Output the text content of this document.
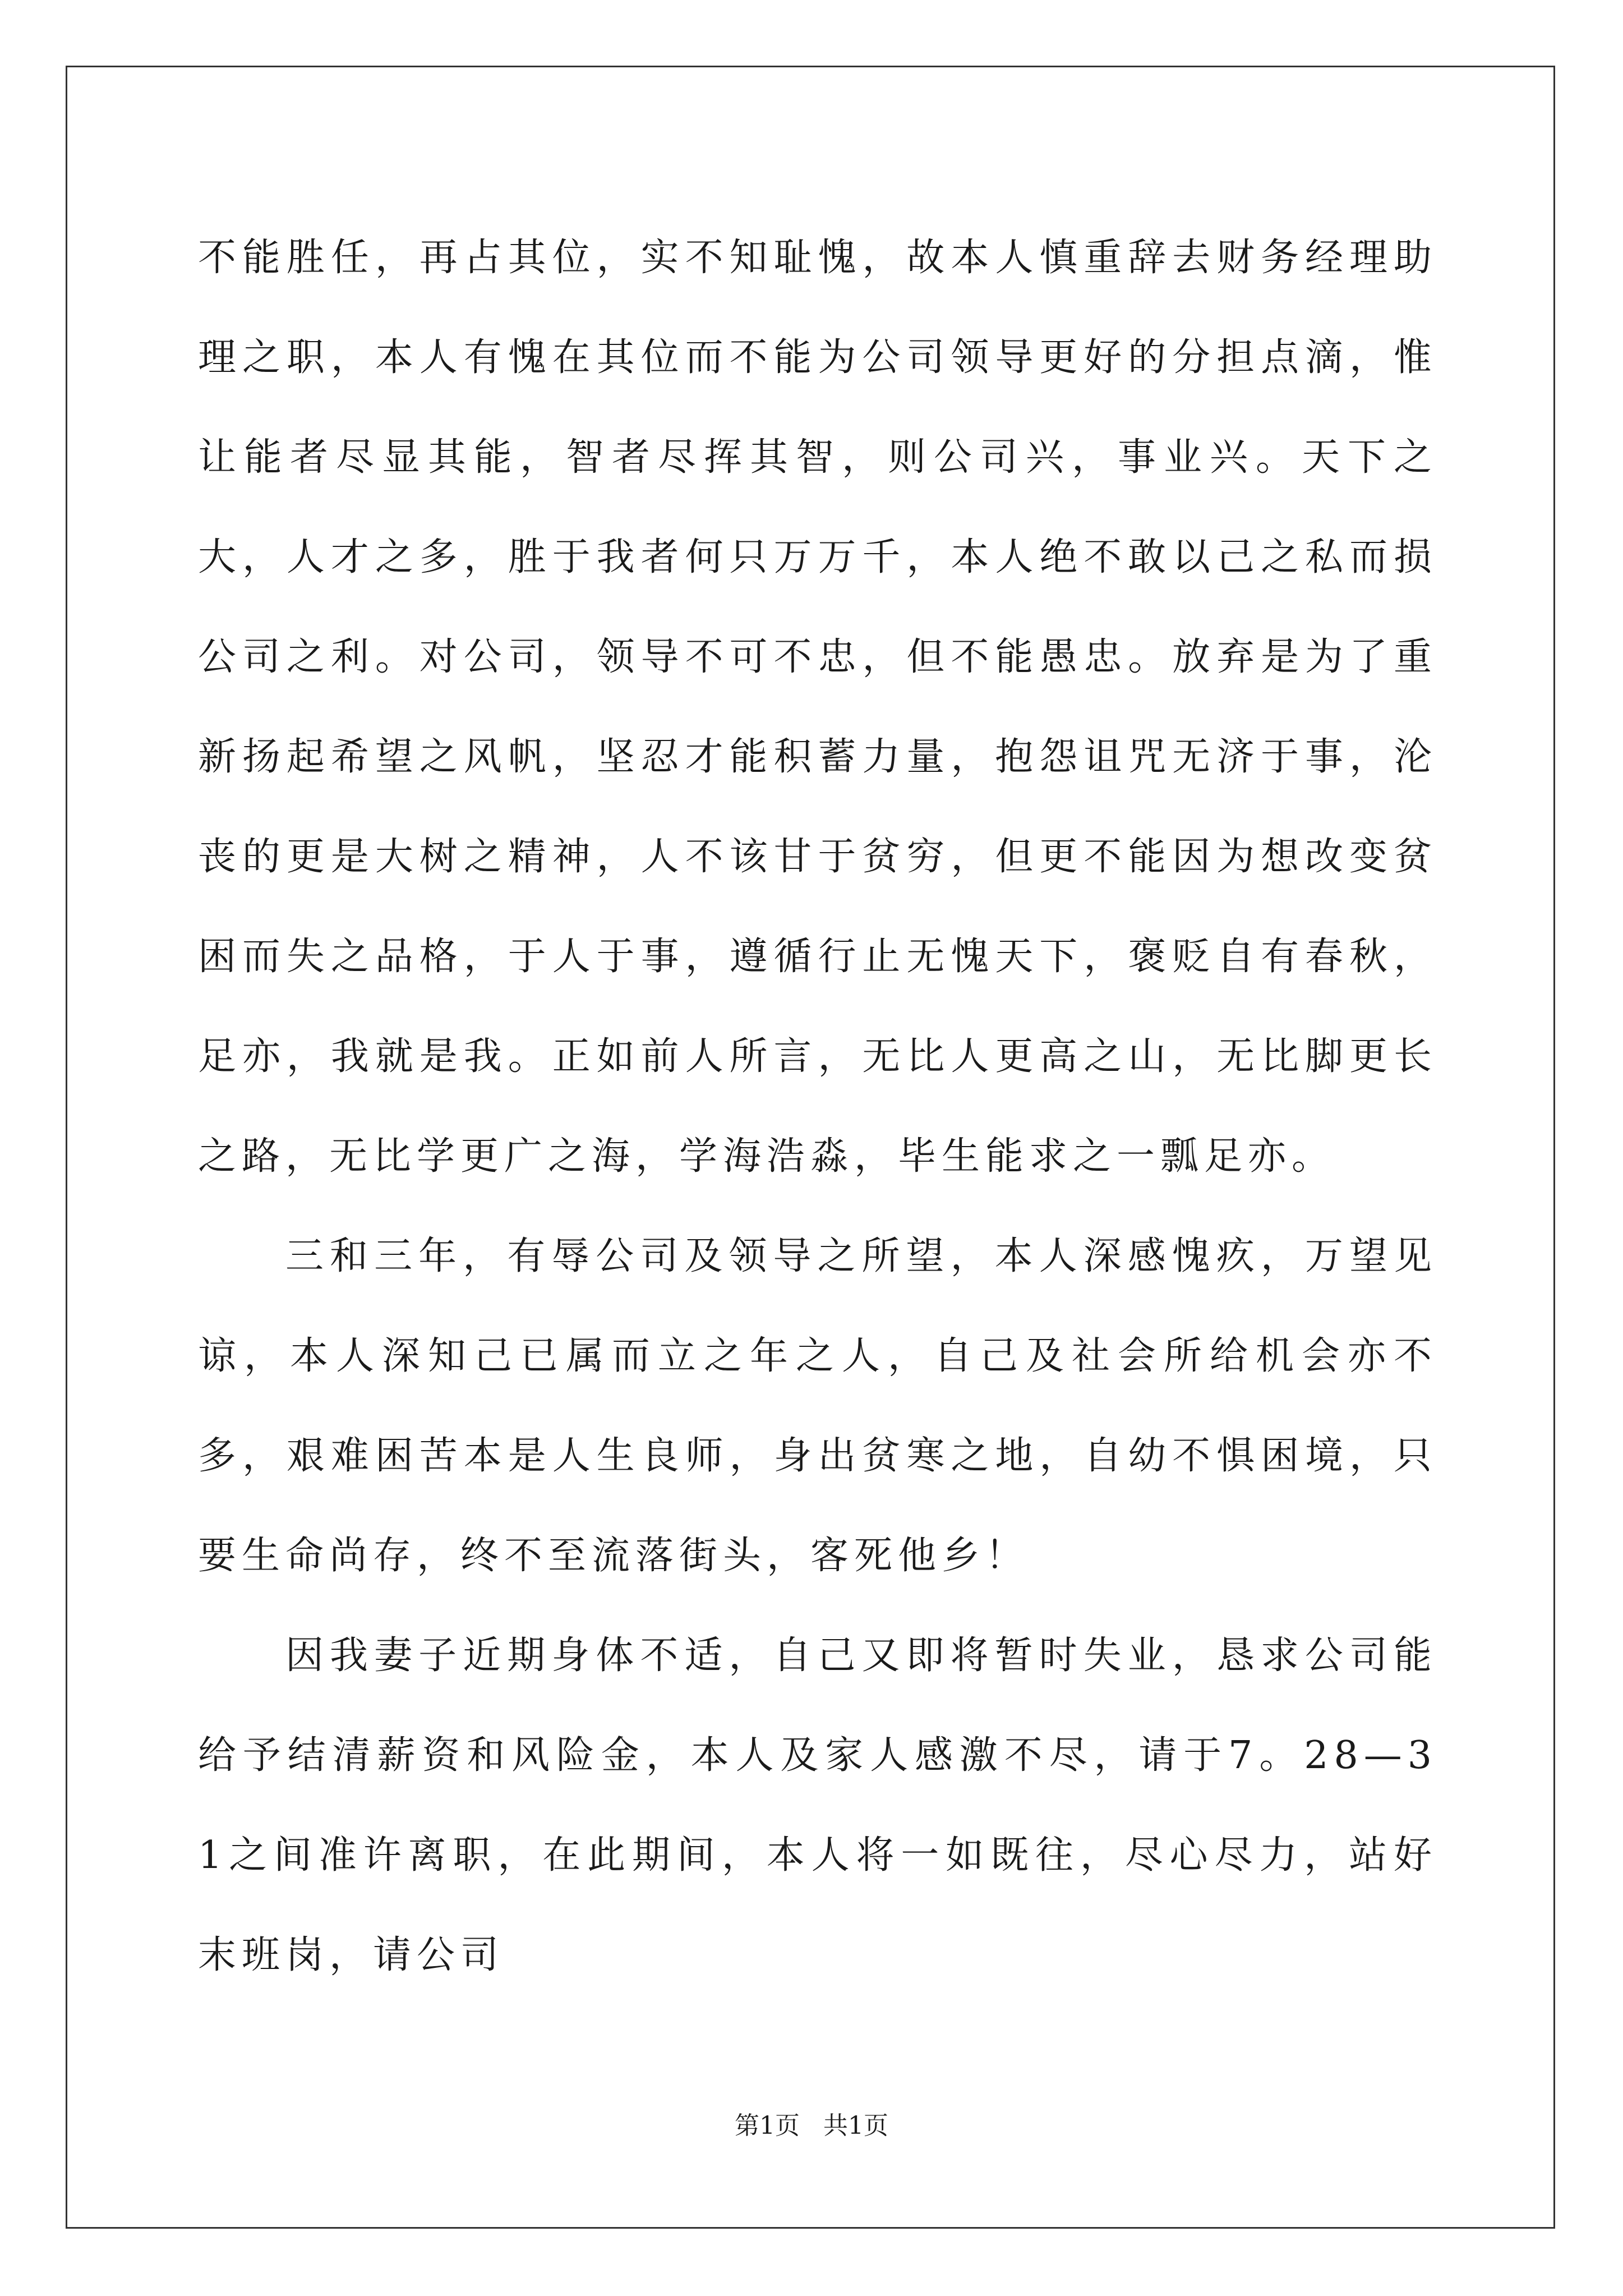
不能胜任，再占其位，实不知耻愧，故本人慎重辞去财务经理助理之职，本人有愧在其位而不能为公司领导更好的分担点滴，惟让能者尽显其能，智者尽挥其智，则公司兴，事业兴。天下之大，人才之多，胜于我者何只万万千，本人绝不敢以己之私而损公司之利。对公司，领导不可不忠，但不能愚忠。放弃是为了重新扬起希望之风帆，坚忍才能积蓄力量，抱怨诅咒无济于事，沦丧的更是大树之精神，人不该甘于贫穷，但更不能因为想改变贫困而失之品格，于人于事，遵循行止无愧天下，褒贬自有春秋，足亦，我就是我。正如前人所言，无比人更高之山，无比脚更长之路，无比学更广之海，学海浩淼，毕生能求之一瓢足亦。

三和三年，有辱公司及领导之所望，本人深感愧疚，万望见谅，本人深知己已属而立之年之人，自己及社会所给机会亦不多，艰难困苦本是人生良师，身出贫寒之地，自幼不惧困境，只要生命尚存，终不至流落街头，客死他乡！

因我妻子近期身体不适，自己又即将暂时失业，恳求公司能给予结清薪资和风险金，本人及家人感激不尽，请于7。28—31之间准许离职，在此期间，本人将一如既往，尽心尽力，站好末班岗，请公司

第1页 共1页
